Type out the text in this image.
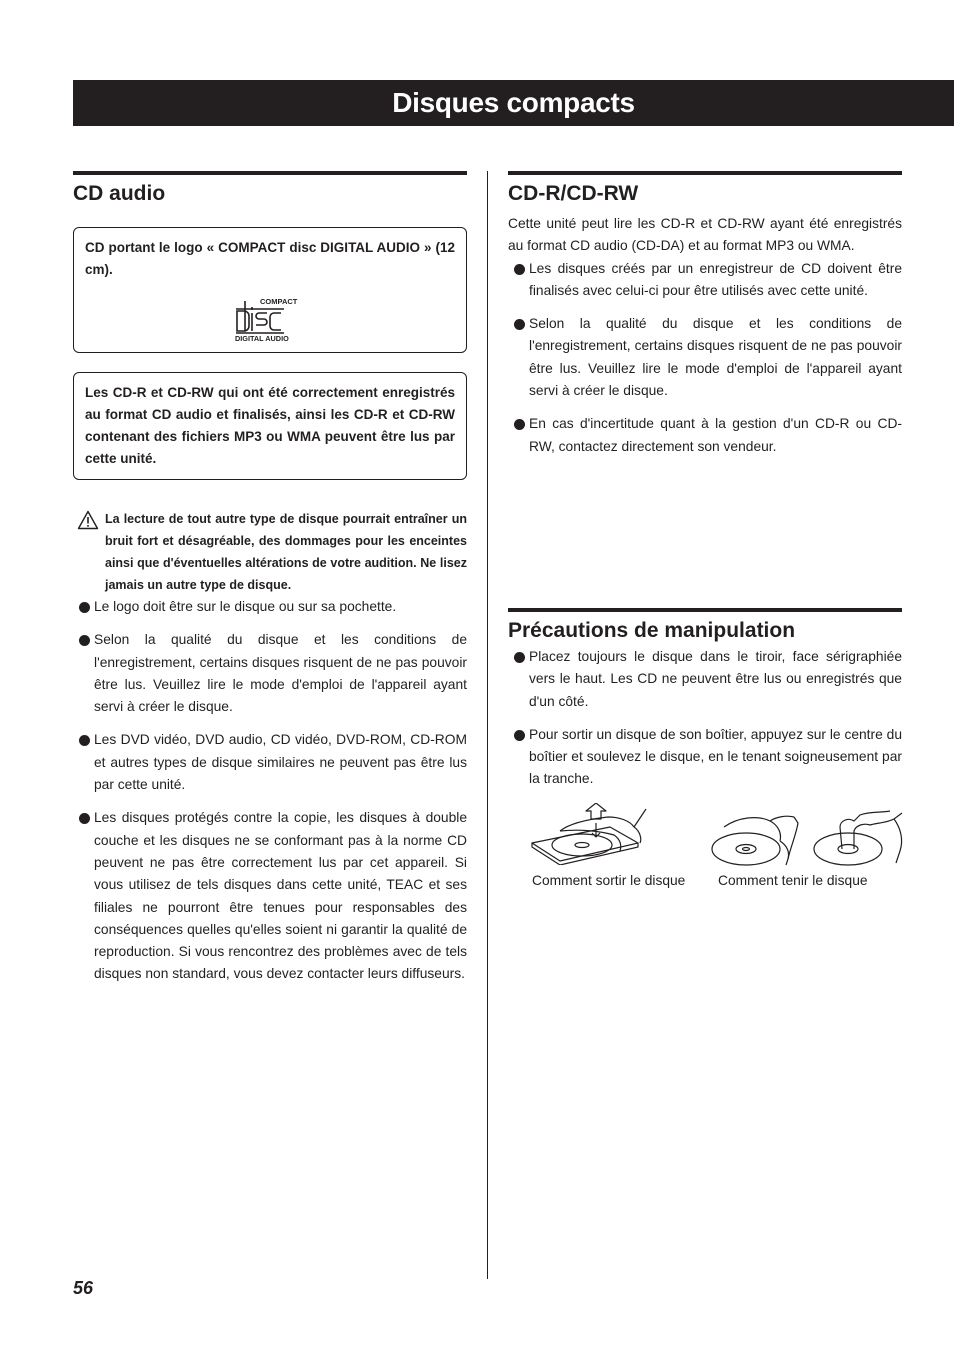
Disques compacts
CD audio
CD portant le logo « COMPACT disc DIGITAL AUDIO » (12 cm).
COMPACT
DIGITAL AUDIO
Les CD-R et CD-RW qui ont été correctement enregistrés au format CD audio et finalisés, ainsi les CD-R et CD-RW contenant des fichiers MP3 ou WMA peuvent être lus par cette unité.
La lecture de tout autre type de disque pourrait entraîner un bruit fort et désagréable, des dommages pour les enceintes ainsi que d'éventuelles altérations de votre audition. Ne lisez jamais un autre type de disque.
Le logo doit être sur le disque ou sur sa pochette.
Selon la qualité du disque et les conditions de l'enregistrement, certains disques risquent de ne pas pouvoir être lus. Veuillez lire le mode d'emploi de l'appareil ayant servi à créer le disque.
Les DVD vidéo, DVD audio, CD vidéo, DVD-ROM, CD-ROM et autres types de disque similaires ne peuvent pas être lus par cette unité.
Les disques protégés contre la copie, les disques à double couche et les disques ne se conformant pas à la norme CD peuvent ne pas être correctement lus par cet appareil. Si vous utilisez de tels disques dans cette unité, TEAC et ses filiales ne pourront être tenues pour responsables des conséquences quelles qu'elles soient ni garantir la qualité de reproduction. Si vous rencontrez des problèmes avec de tels disques non standard, vous devez contacter leurs diffuseurs.
CD-R/CD-RW

Cette unité peut lire les CD-R et CD-RW ayant été enregistrés au format CD audio (CD-DA) et au format MP3 ou WMA.

Les disques créés par un enregistreur de CD doivent être finalisés avec celui-ci pour être utilisés avec cette unité.
Selon la qualité du disque et les conditions de l'enregistrement, certains disques risquent de ne pas pouvoir être lus. Veuillez lire le mode d'emploi de l'appareil ayant servi à créer le disque.
En cas d'incertitude quant à la gestion d'un CD-R ou CD-RW, contactez directement son vendeur.
Précautions de manipulation
Placez toujours le disque dans le tiroir, face sérigraphiée vers le haut. Les CD ne peuvent être lus ou enregistrés que d'un côté.
Pour sortir un disque de son boîtier, appuyez sur le centre du boîtier et soulevez le disque, en le tenant soigneusement par la tranche.
Comment sortir le disque Comment tenir le disque
56
